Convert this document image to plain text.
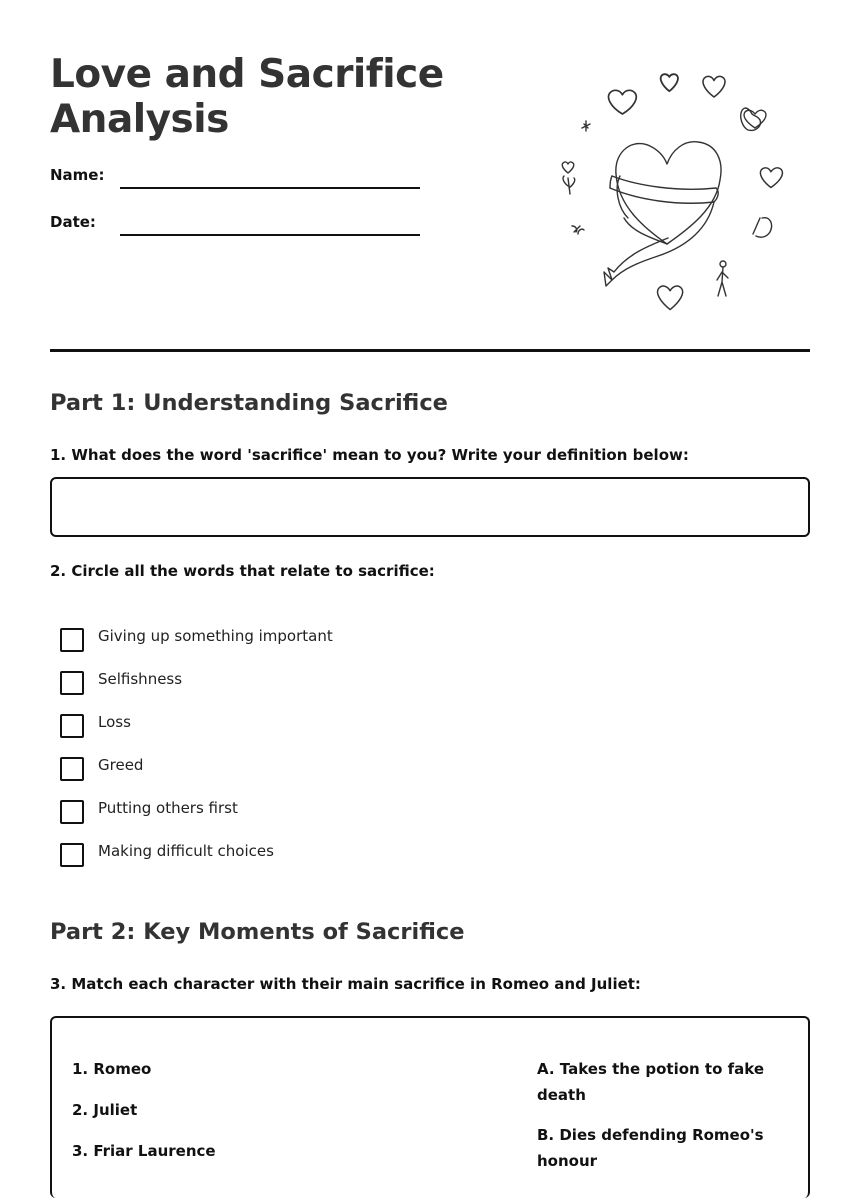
Love and Sacrifice
Analysis
Name:
Date:
Part 1: Understanding Sacrifice
1. What does the word 'sacrifice' mean to you? Write your definition below:
2. Circle all the words that relate to sacrifice:
Giving up something important
Selfishness
Loss
Greed
Putting others first
Making difficult choices
Part 2: Key Moments of Sacrifice
3. Match each character with their main sacrifice in Romeo and Juliet:
1. Romeo
2. Juliet
3. Friar Laurence
A. Takes the potion to fake death
B. Dies defending Romeo's honour
